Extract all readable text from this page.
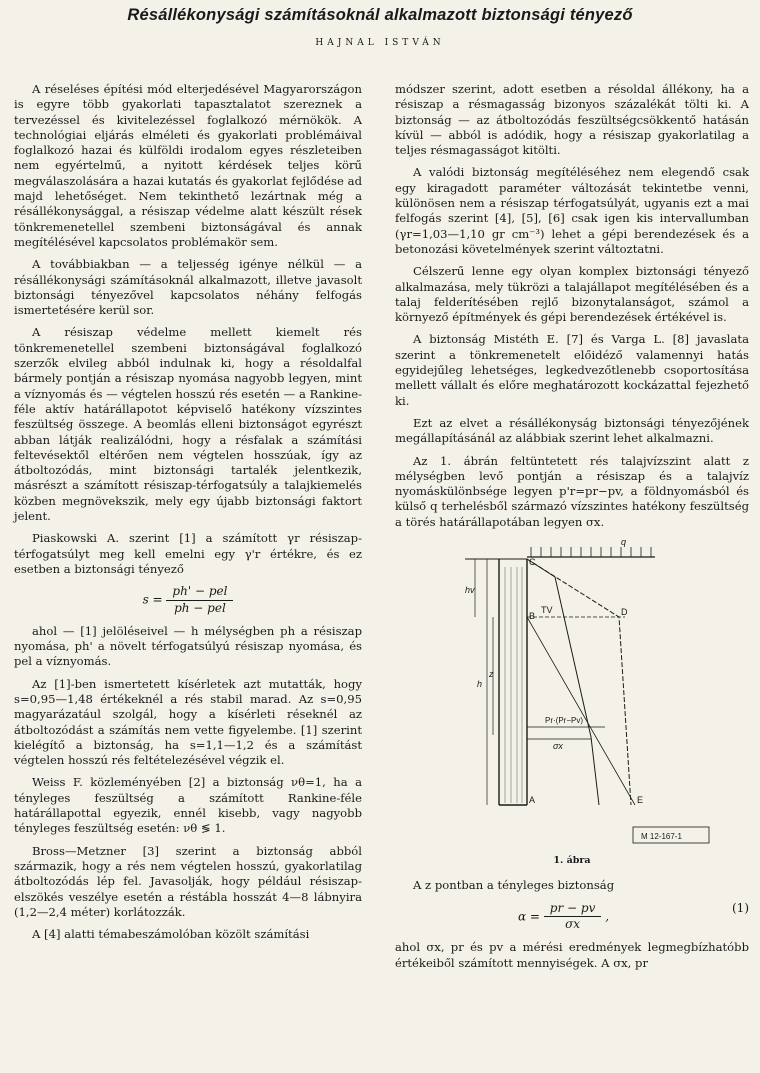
Résállékonysági számításoknál alkalmazott biztonsági tényező
HAJNAL ISTVÁN

A réseléses építési mód elterjedésével Magyarországon is egyre több gyakorlati tapasztalatot szereznek a tervezéssel és kivitelezéssel foglalkozó mérnökök. A technológiai eljárás elméleti és gyakorlati problémáival foglalkozó hazai és külföldi irodalom egyes részleteiben nem egyértelmű, a nyitott kérdések teljes körű megválaszolására a hazai kutatás és gyakorlat fejlődése ad majd lehetőséget. Nem tekinthető lezártnak még a résállékonysággal, a résiszap védelme alatt készült rések tönkremenetellel szembeni biztonságával és annak megítélésével kapcsolatos problémakör sem.

A továbbiakban — a teljesség igénye nélkül — a résállékonysági számításoknál alkalmazott, illetve javasolt biztonsági tényezővel kapcsolatos néhány felfogás ismertetésére kerül sor.

A résiszap védelme mellett kiemelt rés tönkremenetellel szembeni biztonságával foglalkozó szerzők elvileg abból indulnak ki, hogy a résoldalfal bármely pontján a résiszap nyomása nagyobb legyen, mint a víznyomás és — végtelen hosszú rés esetén — a Rankine-féle aktív határállapotot képviselő hatékony vízszintes feszültség összege. A beomlás elleni biztonságot egyrészt abban látják realizálódni, hogy a résfalak a számítási feltevésektől eltérően nem végtelen hosszúak, így az átboltozódás, mint biztonsági tartalék jelentkezik, másrészt a számított résiszap-térfogatsúly a talajkiemelés közben megnövekszik, mely egy újabb biztonsági faktort jelent.

Piaskowski A. szerint [1] a számított γr résiszap-térfogatsúlyt meg kell emelni egy γ'r értékre, és ez esetben a biztonsági tényező

$s = \frac{\text{ph' − pel}}{\text{ph − pel}}$

ahol — [1] jelöléseivel — h mélységben ph a résiszap nyomása, ph' a növelt térfogatsúlyú résiszap nyomása, és pel a víznyomás.

Az [1]-ben ismertetett kísérletek azt mutatták, hogy s=0,95—1,48 értékeknél a rés stabil marad. Az s=0,95 magyarázatául szolgál, hogy a kísérleti réseknél az átboltozódást a számítás nem vette figyelembe. [1] szerint kielégítő a biztonság, ha s=1,1—1,2 és a számítást végtelen hosszú rés feltételezésével végzik el.

Weiss F. közleményében [2] a biztonság νθ=1, ha a tényleges feszültség a számított Rankine-féle határállapottal egyezik, ennél kisebb, vagy nagyobb tényleges feszültség esetén: νθ ≶ 1.

Bross—Metzner [3] szerint a biztonság abból származik, hogy a rés nem végtelen hosszú, gyakorlatilag átboltozódás lép fel. Javasolják, hogy például résiszap-elszökés veszélye esetén a réstábla hosszát 4—8 lábnyira (1,2—2,4 méter) korlátozzák.

A [4] alatti témabeszámolóban közölt számítási

módszer szerint, adott esetben a résoldal állékony, ha a résiszap a résmagasság bizonyos százalékát tölti ki. A biztonság — az átboltozódás feszültségcsökkentő hatásán kívül — abból is adódik, hogy a résiszap gyakorlatilag a teljes résmagasságot kitölti.

A valódi biztonság megítéléséhez nem elegendő csak egy kiragadott paraméter változását tekintetbe venni, különösen nem a résiszap térfogatsúlyát, ugyanis ezt a mai felfogás szerint [4], [5], [6] csak igen kis intervallumban (γr=1,03—1,10 gr cm⁻³) lehet a gépi berendezések és a betonozási követelmények szerint változtatni.

Célszerű lenne egy olyan komplex biztonsági tényező alkalmazása, mely tükrözi a talajállapot megítélésében és a talaj felderítésében rejlő bizonytalanságot, számol a környező építmények és gépi berendezések értékével is.

A biztonság Mistéth E. [7] és Varga L. [8] javaslata szerint a tönkremenetelt előidéző valamennyi hatás egyidejűleg lehetséges, legkedvezőtlenebb csoportosítása mellett vállalt és előre meghatározott kockázattal fejezhető ki.

Ezt az elvet a résállékonyság biztonsági tényezőjének megállapításánál az alábbiak szerint lehet alkalmazni.

Az 1. ábrán feltüntetett rés talajvízszint alatt z mélységben levő pontján a résiszap és a talajvíz nyomáskülönbsége legyen p'r=pr−pv, a földnyomásból és külső q terhelésből származó vízszintes hatékony feszültség a törés határállapotában legyen σx.

q
hv
h
z
TV
C
B	D
A	E
Pr·(Pr−Pv)
σx
M 12-167-1
1. ábra

A z pontban a tényleges biztonság

(1)
$\alpha = \frac{pr - pv}{\sigma x}$ ,

ahol σx, pr és pv a mérési eredmények legmegbízhatóbb értékeiből számított mennyiségek. A σx, pr
